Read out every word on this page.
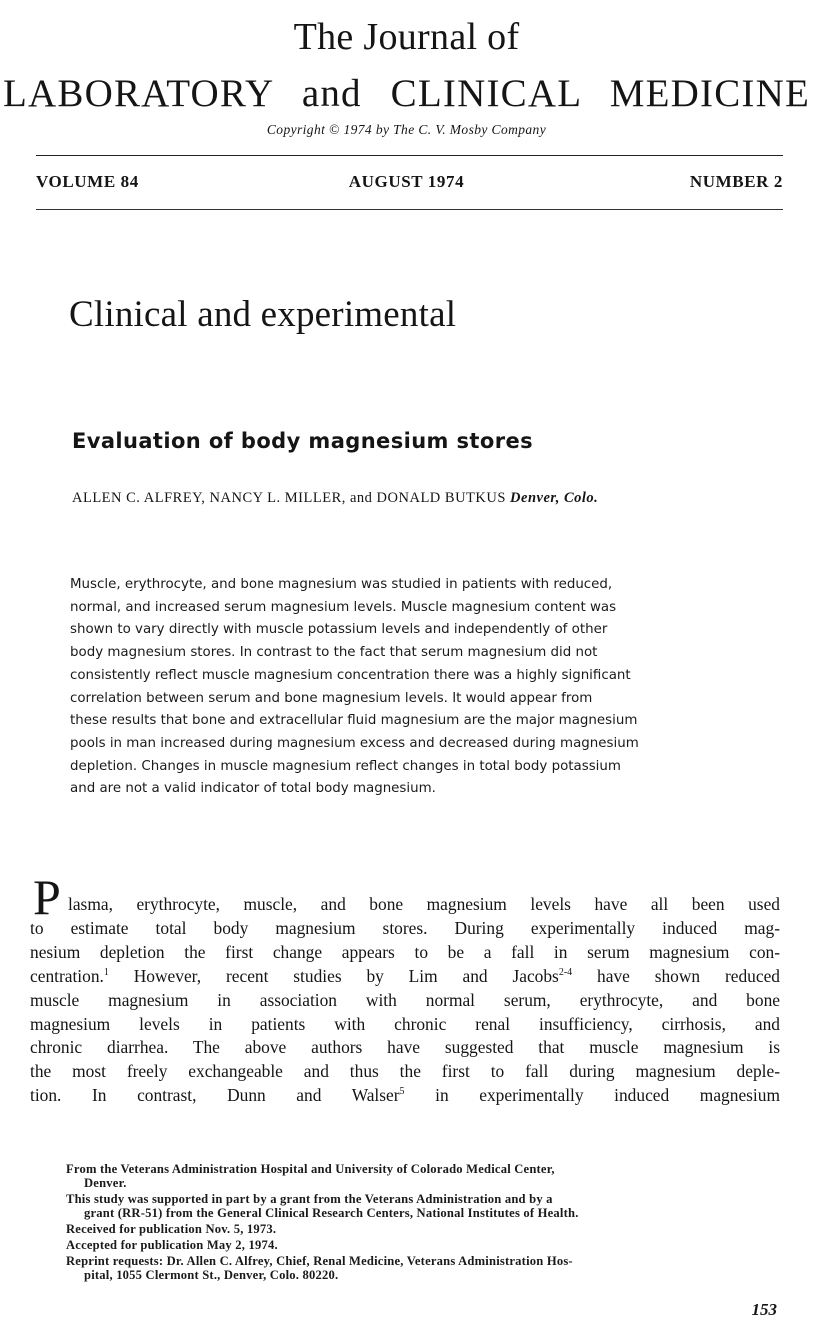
The Journal of
LABORATORY and CLINICAL MEDICINE
Copyright © 1974 by The C. V. Mosby Company
VOLUME 84	AUGUST 1974	NUMBER 2
Clinical and experimental
Evaluation of body magnesium stores
ALLEN C. ALFREY, NANCY L. MILLER, and DONALD BUTKUS Denver, Colo.
Muscle, erythrocyte, and bone magnesium was studied in patients with reduced,
normal, and increased serum magnesium levels. Muscle magnesium content was
shown to vary directly with muscle potassium levels and independently of other
body magnesium stores. In contrast to the fact that serum magnesium did not
consistently reflect muscle magnesium concentration there was a highly significant
correlation between serum and bone magnesium levels. It would appear from
these results that bone and extracellular fluid magnesium are the major magnesium
pools in man increased during magnesium excess and decreased during magnesium
depletion. Changes in muscle magnesium reflect changes in total body potassium
and are not a valid indicator of total body magnesium.
P lasma, erythrocyte, muscle, and bone magnesium levels have all been used
to estimate total body magnesium stores. During experimentally induced mag-
nesium depletion the first change appears to be a fall in serum magnesium con-
centration.$^1$ However, recent studies by Lim and Jacobs$^{2-4}$ have shown reduced
muscle magnesium in association with normal serum, erythrocyte, and bone
magnesium levels in patients with chronic renal insufficiency, cirrhosis, and
chronic diarrhea. The above authors have suggested that muscle magnesium is
the most freely exchangeable and thus the first to fall during magnesium deple-
tion. In contrast, Dunn and Walser$^5$ in experimentally induced magnesium
From the Veterans Administration Hospital and University of Colorado Medical Center,
Denver.
This study was supported in part by a grant from the Veterans Administration and by a
grant (RR-51) from the General Clinical Research Centers, National Institutes of Health.
Received for publication Nov. 5, 1973.
Accepted for publication May 2, 1974.
Reprint requests: Dr. Allen C. Alfrey, Chief, Renal Medicine, Veterans Administration Hos-
pital, 1055 Clermont St., Denver, Colo. 80220.
153
